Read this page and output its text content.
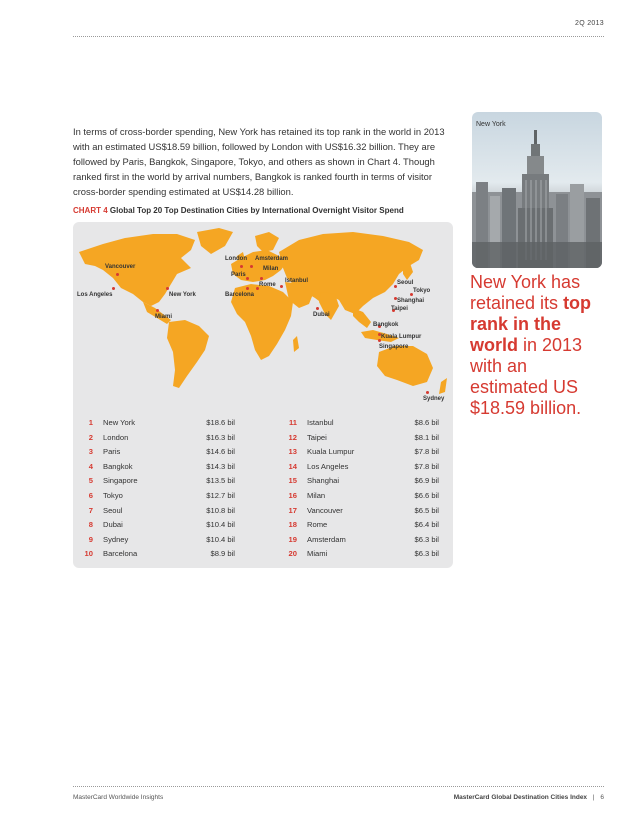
2Q 2013

In terms of cross-border spending, New York has retained its top rank in the world in 2013 with an estimated US$18.59 billion, followed by London with US$16.32 billion. They are followed by Paris, Bangkok, Singapore, Tokyo, and others as shown in Chart 4. Though ranked first in the world by arrival numbers, Bangkok is ranked fourth in terms of visitor cross-border spending estimated at US$14.28 billion.

New York
New York has retained its top rank in the world in 2013 with an estimated US $18.59 billion.
CHART 4 Global Top 20 Top Destination Cities by International Overnight Visitor Spend
Vancouver
Los Angeles	New York
Miami
London Amsterdam
Paris
Milan
Barcelona
Rome
Istanbul
Dubai
Seoul
Tokyo
Shanghai
Taipei
Bangkok
Kuala Lumpur
Singapore
Sydney
1 New York	$18.6 bil
2 London	$16.3 bil
3 Paris	$14.6 bil
4 Bangkok	$14.3 bil
5 Singapore	$13.5 bil
6 Tokyo	$12.7 bil
7 Seoul	$10.8 bil
8 Dubai	$10.4 bil
9 Sydney	$10.4 bil
10 Barcelona	$8.9 bil
11 Istanbul	$8.6 bil
12 Taipei	$8.1 bil
13 Kuala Lumpur	$7.8 bil
14 Los Angeles	$7.8 bil
15 Shanghai	$6.9 bil
16 Milan	$6.6 bil
17 Vancouver	$6.5 bil
18 Rome	$6.4 bil
19 Amsterdam	$6.3 bil
20 Miami	$6.3 bil
MasterCard Worldwide Insights	MasterCard Global Destination Cities Index | 6
